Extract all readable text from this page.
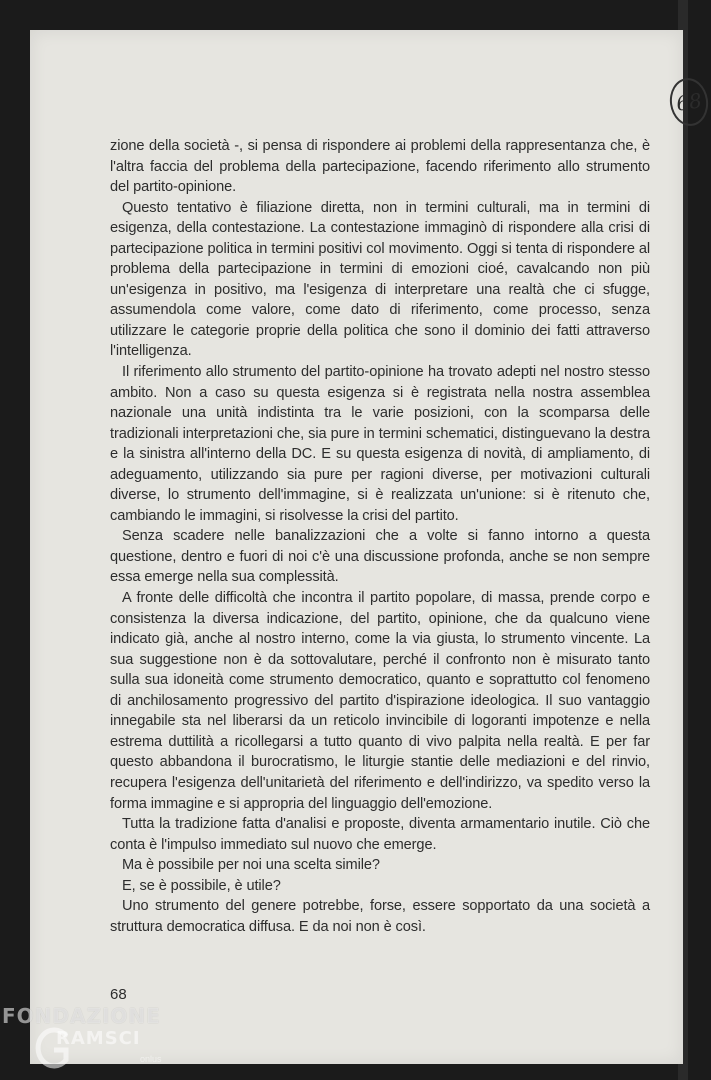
68

zione della società -, si pensa di rispondere ai problemi della rappresentanza che, è l'altra faccia del problema della partecipazione, facendo riferimento allo strumento del partito-opinione.

Questo tentativo è filiazione diretta, non in termini culturali, ma in termini di esigenza, della contestazione. La contestazione immaginò di rispondere alla crisi di partecipazione politica in termini positivi col movimento. Oggi si tenta di rispondere al problema della partecipazione in termini di emozioni cioé, cavalcando non più un'esigenza in positivo, ma l'esigenza di interpretare una realtà che ci sfugge, assumendola come valore, come dato di riferimento, come processo, senza utilizzare le categorie proprie della politica che sono il dominio dei fatti attraverso l'intelligenza.

Il riferimento allo strumento del partito-opinione ha trovato adepti nel nostro stesso ambito. Non a caso su questa esigenza si è registrata nella nostra assemblea nazionale una unità indistinta tra le varie posizioni, con la scomparsa delle tradizionali interpretazioni che, sia pure in termini schematici, distinguevano la destra e la sinistra all'interno della DC. E su questa esigenza di novità, di ampliamento, di adeguamento, utilizzando sia pure per ragioni diverse, per motivazioni culturali diverse, lo strumento dell'immagine, si è realizzata un'unione: si è ritenuto che, cambiando le immagini, si risolvesse la crisi del partito.

Senza scadere nelle banalizzazioni che a volte si fanno intorno a questa questione, dentro e fuori di noi c'è una discussione profonda, anche se non sempre essa emerge nella sua complessità.

A fronte delle difficoltà che incontra il partito popolare, di massa, prende corpo e consistenza la diversa indicazione, del partito, opinione, che da qualcuno viene indicato già, anche al nostro interno, come la via giusta, lo strumento vincente. La sua suggestione non è da sottovalutare, perché il confronto non è misurato tanto sulla sua idoneità come strumento democratico, quanto e soprattutto col fenomeno di anchilosamento progressivo del partito d'ispirazione ideologica. Il suo vantaggio innegabile sta nel liberarsi da un reticolo invincibile di logoranti impotenze e nella estrema duttilità a ricollegarsi a tutto quanto di vivo palpita nella realtà. E per far questo abbandona il burocratismo, le liturgie stantie delle mediazioni e del rinvio, recupera l'esigenza dell'unitarietà del riferimento e dell'indirizzo, va spedito verso la forma immagine e si appropria del linguaggio dell'emozione.

Tutta la tradizione fatta d'analisi e proposte, diventa armamentario inutile. Ciò che conta è l'impulso immediato sul nuovo che emerge.

Ma è possibile per noi una scelta simile?

E, se è possibile, è utile?

Uno strumento del genere potrebbe, forse, essere sopportato da una società a struttura democratica diffusa. E da noi non è così.

68
FONDAZIONE
RAMSCI
onlus
